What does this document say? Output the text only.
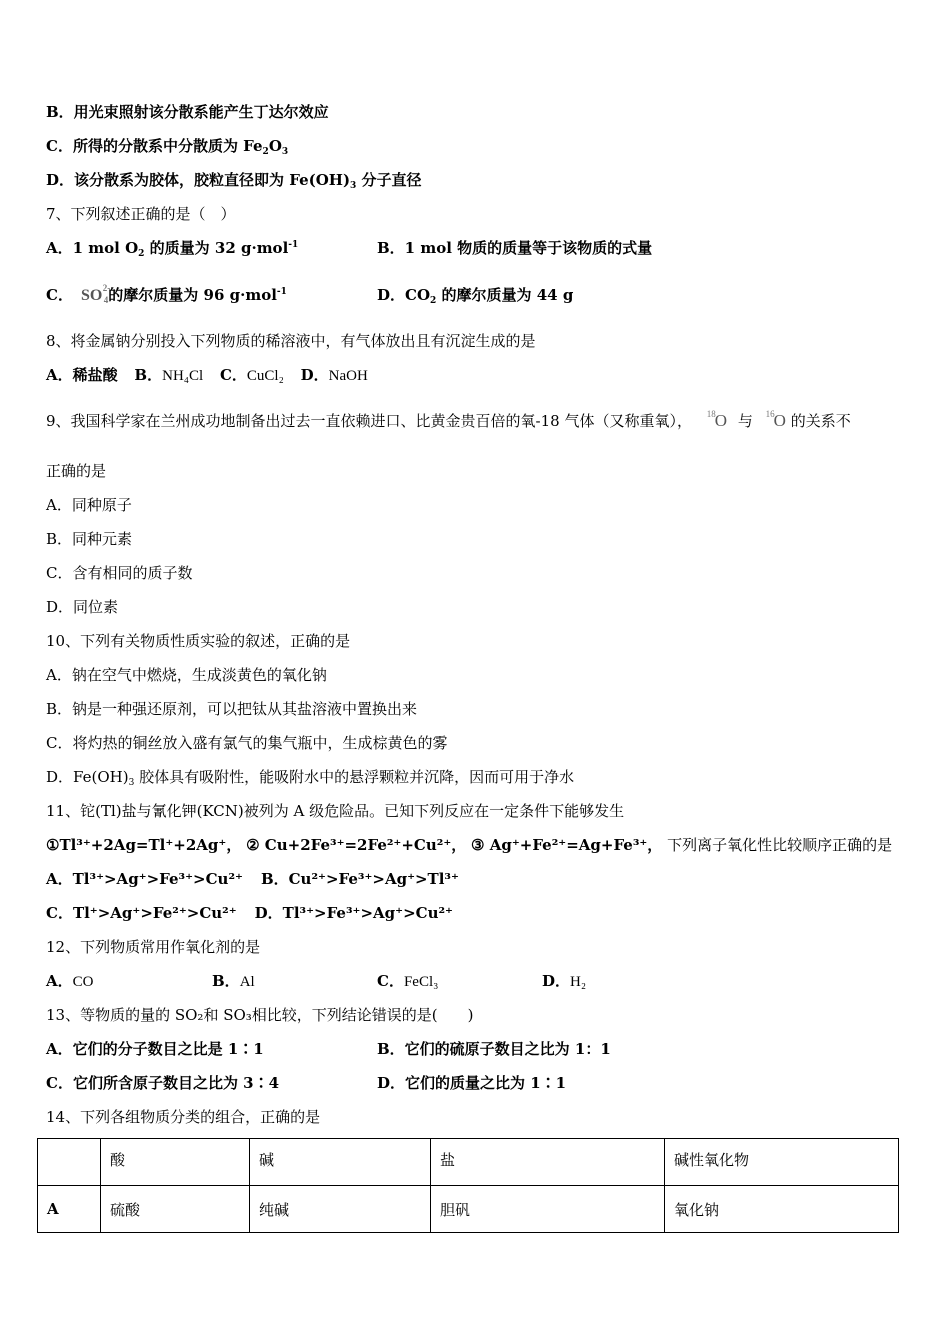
B．用光束照射该分散系能产生丁达尔效应
C．所得的分散系中分散质为 $Fe_2O_3$
D．该分散系为胶体，胶粒直径即为 $Fe(OH)_3$ 分子直径
7、下列叙述正确的是（　）
A．1 mol $O_2$ 的质量为 32 g·mol$^{-1}$	B．1 mol 物质的质量等于该物质的式量
C． SO 2-
4 的摩尔质量为 96 g·mol$^{-1}$	D．$CO_2$ 的摩尔质量为 44 g
8、将金属钠分别投入下列物质的稀溶液中，有气体放出且有沉淀生成的是
A．稀盐酸 B．NH₄Cl C．CuCl₂ D．NaOH
9、我国科学家在兰州成功地制备出过去一直依赖进口、比黄金贵百倍的氧-18 气体（又称重氧）， 18 O 与 16 O 的关系不
正确的是
A．同种原子
B．同种元素
C．含有相同的质子数
D．同位素
10、下列有关物质性质实验的叙述，正确的是
A．钠在空气中燃烧，生成淡黄色的氧化钠
B．钠是一种强还原剂，可以把钛从其盐溶液中置换出来
C．将灼热的铜丝放入盛有氯气的集气瓶中，生成棕黄色的雾
D．$Fe(OH)_3$ 胶体具有吸附性，能吸附水中的悬浮颗粒并沉降，因而可用于净水
11、铊(Tl)盐与氰化钾(KCN)被列为 A 级危险品。已知下列反应在一定条件下能够发生
①Tl³⁺+2Ag=Tl⁺+2Ag⁺， ② Cu+2Fe³⁺=2Fe²⁺+Cu²⁺， ③ Ag⁺+Fe²⁺=Ag+Fe³⁺， 下列离子氧化性比较顺序正确的是
A．Tl³⁺>Ag⁺>Fe³⁺>Cu²⁺ B．Cu²⁺>Fe³⁺>Ag⁺>Tl³⁺
C．Tl⁺>Ag⁺>Fe²⁺>Cu²⁺ D．Tl³⁺>Fe³⁺>Ag⁺>Cu²⁺
12、下列物质常用作氧化剂的是
A．CO	B．Al	C．FeCl₃	D．H₂
13、等物质的量的 SO₂和 SO₃相比较，下列结论错误的是(　　)
A．它们的分子数目之比是 1∶1	B．它们的硫原子数目之比为 1：1
C．它们所含原子数目之比为 3∶4	D．它们的质量之比为 1∶1
14、下列各组物质分类的组合，正确的是
	酸	碱	盐	碱性氧化物
A	硫酸	纯碱	胆矾	氧化钠
